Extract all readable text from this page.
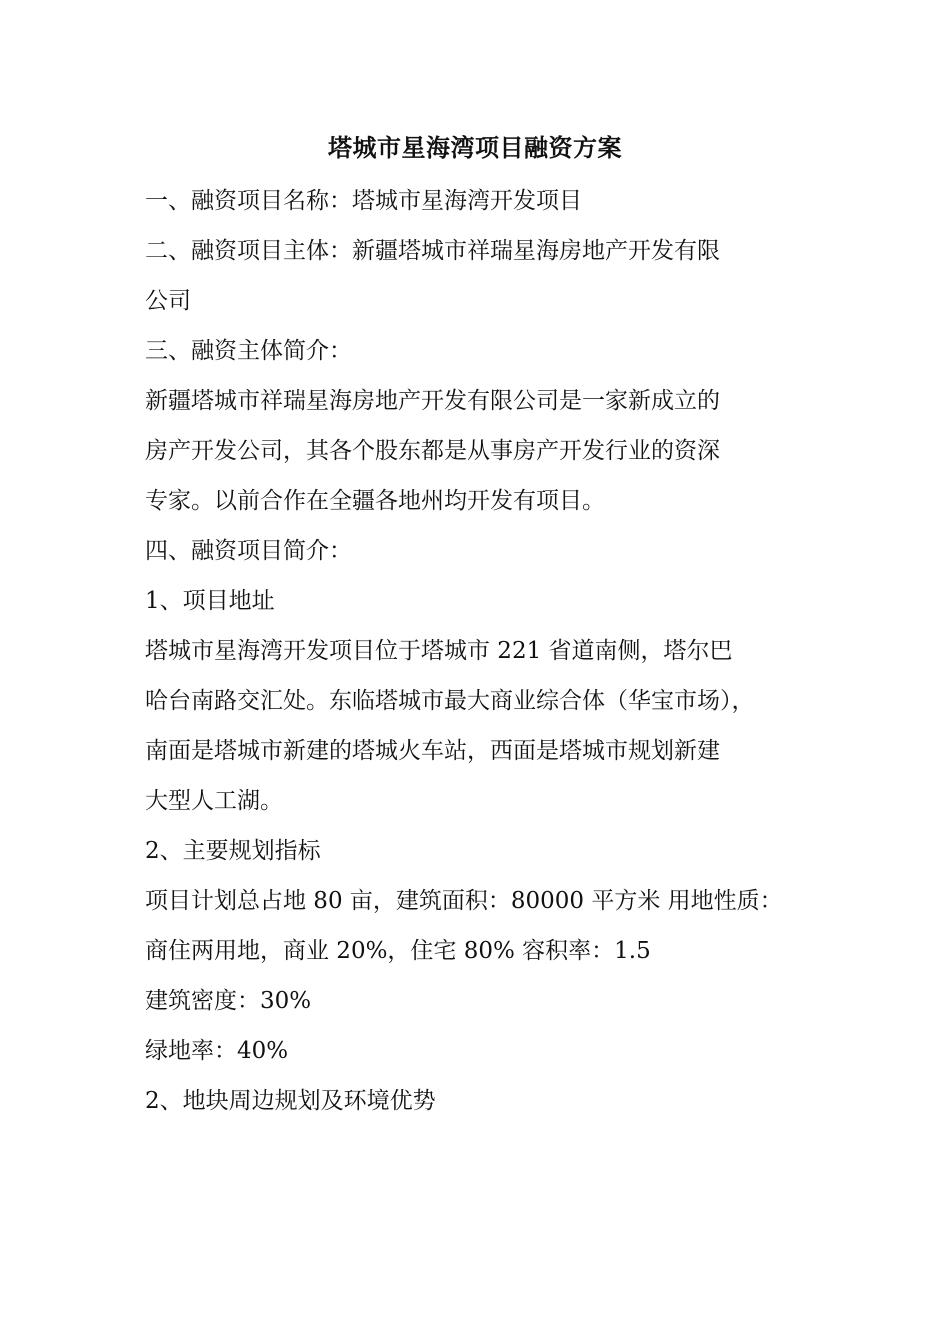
塔城市星海湾项目融资方案

一、融资项目名称：塔城市星海湾开发项目

二、融资项目主体：新疆塔城市祥瑞星海房地产开发有限

公司

三、融资主体简介：

新疆塔城市祥瑞星海房地产开发有限公司是一家新成立的

房产开发公司，其各个股东都是从事房产开发行业的资深

专家。以前合作在全疆各地州均开发有项目。

四、融资项目简介：

1、项目地址

塔城市星海湾开发项目位于塔城市 221 省道南侧，塔尔巴

哈台南路交汇处。东临塔城市最大商业综合体（华宝市场），

南面是塔城市新建的塔城火车站，西面是塔城市规划新建

大型人工湖。

2、主要规划指标

项目计划总占地 80 亩，建筑面积：80000 平方米 用地性质：

商住两用地，商业 20%，住宅 80% 容积率：1.5

建筑密度：30%

绿地率：40%

2、地块周边规划及环境优势
